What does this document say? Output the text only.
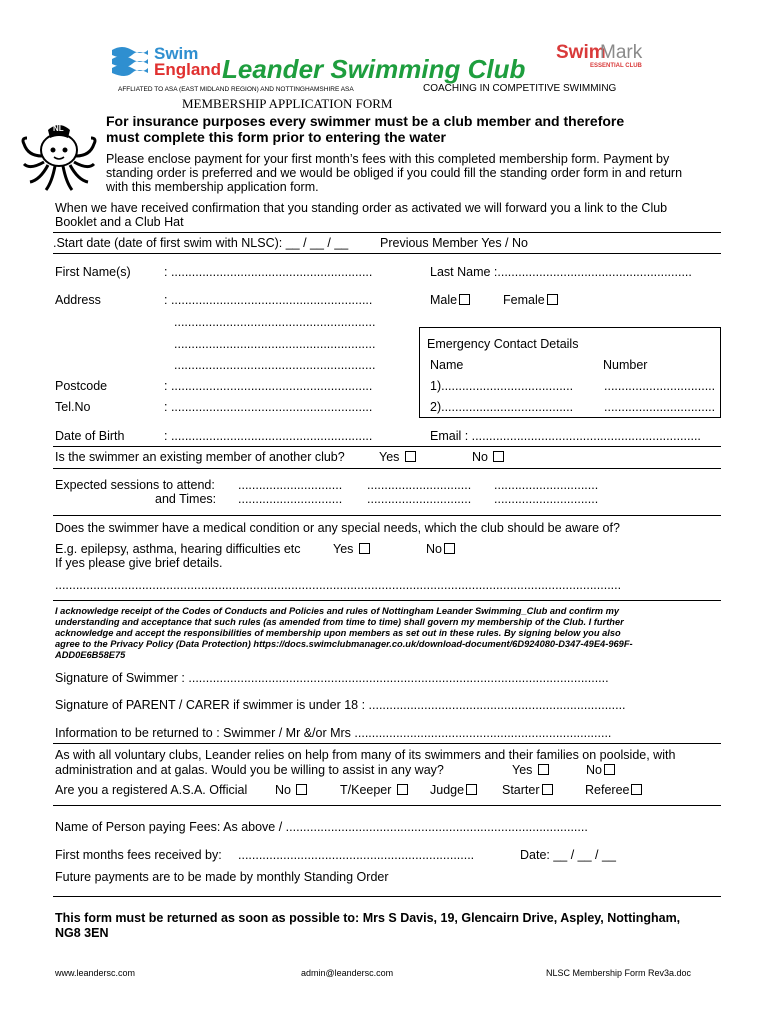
Swim
England Leander Swimming Club
Swim
Mark
ESSENTIAL CLUB
AFFLIATED TO ASA (EAST MIDLAND REGION) AND NOTTINGHAMSHIRE ASA	COACHING IN COMPETITIVE SWIMMING
MEMBERSHIP APPLICATION FORM
NL	For insurance purposes every swimmer must be a club member and therefore
must complete this form prior to entering the water
Please enclose payment for your first month’s fees with this completed membership form. Payment by
standing order is preferred and we would be obliged if you could fill the standing order form in and return
with this membership application form.
When we have received confirmation that you standing order as activated we will forward you a link to the Club
Booklet and a Club Hat
.Start date (date of first swim with NLSC): __ / __ / __	Previous Member Yes / No
First Name(s)	: ..........................................................	Last Name :........................................................
Address	: ..........................................................	Male	Female
..........................................................
..........................................................
..........................................................
Postcode	: ..........................................................
Tel.No	: ..........................................................
Emergency Contact Details
Name	Number
1)...................................... ................................
2)...................................... ................................
Date of Birth	: ..........................................................	Email : ..................................................................
Is the swimmer an existing member of another club?	Yes	No
Expected sessions to attend:
and Times:
.............................. .............................. ..............................
.............................. .............................. ..............................
Does the swimmer have a medical condition or any special needs, which the club should be aware of?
E.g. epilepsy, asthma, hearing difficulties etc	Yes	No
If yes please give brief details.
...................................................................................................................................................................
I acknowledge receipt of the Codes of Conducts and Policies and rules of Nottingham Leander Swimming_Club and confirm my
understanding and acceptance that such rules (as amended from time to time) shall govern my membership of the Club. I further
acknowledge and accept the responsibilities of membership upon members as set out in these rules. By signing below you also
agree to the Privacy Policy (Data Protection) https://docs.swimclubmanager.co.uk/download-document/6D924080-D347-49E4-969F-
ADD0E6B58E75
Signature of Swimmer : .........................................................................................................................
Signature of PARENT / CARER if swimmer is under 18 : ..........................................................................
Information to be returned to : Swimmer / Mr &/or Mrs ..........................................................................
As with all voluntary clubs, Leander relies on help from many of its swimmers and their families on poolside, with
administration and at galas. Would you be willing to assist in any way?	Yes	No
Are you a registered A.S.A. Official No	T/Keeper	Judge	Starter	Referee
Name of Person paying Fees: As above / .......................................................................................
First months fees received by: ....................................................................	Date: __ / __ / __
Future payments are to be made by monthly Standing Order
This form must be returned as soon as possible to: Mrs S Davis, 19, Glencairn Drive, Aspley, Nottingham,
NG8 3EN
www.leandersc.com	admin@leandersc.com	NLSC Membership Form Rev3a.doc
